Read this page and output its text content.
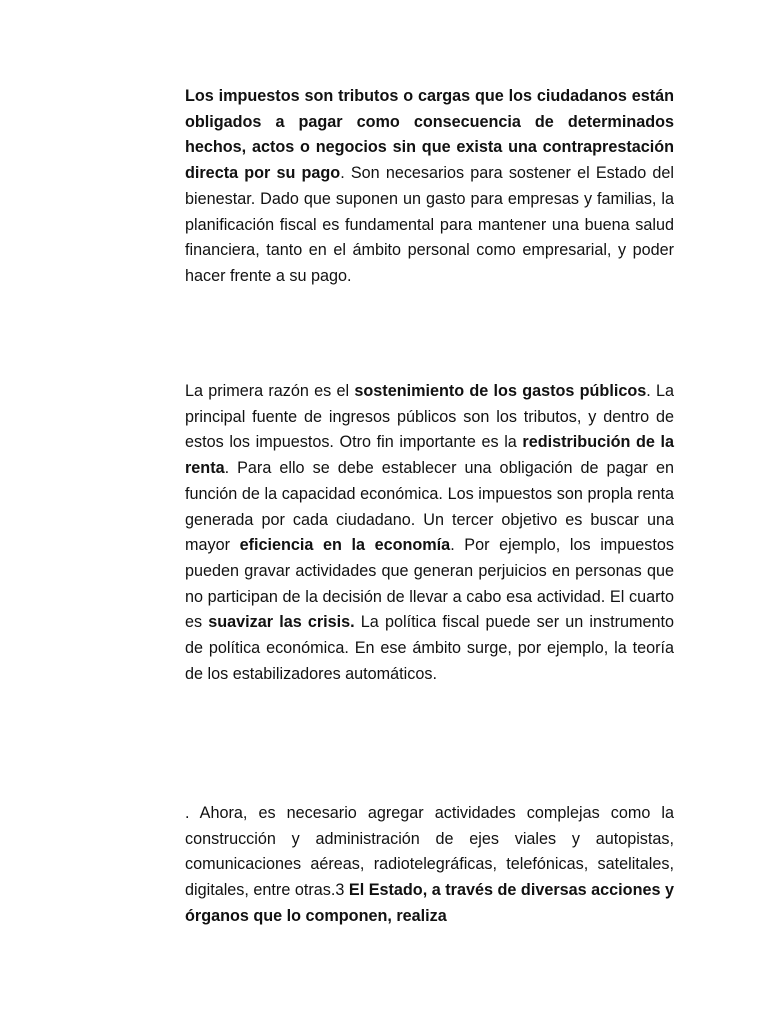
Los impuestos son tributos o cargas que los ciudadanos están obligados a pagar como consecuencia de determinados hechos, actos o negocios sin que exista una contraprestación directa por su pago. Son necesarios para sostener el Estado del bienestar. Dado que suponen un gasto para empresas y familias, la planificación fiscal es fundamental para mantener una buena salud financiera, tanto en el ámbito personal como empresarial, y poder hacer frente a su pago.

La primera razón es el sostenimiento de los gastos públicos. La principal fuente de ingresos públicos son los tributos, y dentro de estos los impuestos. Otro fin importante es la redistribución de la renta. Para ello se debe establecer una obligación de pagar en función de la capacidad económica. Los impuestos son propla renta generada por cada ciudadano. Un tercer objetivo es buscar una mayor eficiencia en la economía. Por ejemplo, los impuestos pueden gravar actividades que generan perjuicios en personas que no participan de la decisión de llevar a cabo esa actividad. El cuarto es suavizar las crisis. La política fiscal puede ser un instrumento de política económica. En ese ámbito surge, por ejemplo, la teoría de los estabilizadores automáticos.

. Ahora, es necesario agregar actividades complejas como la construcción y administración de ejes viales y autopistas, comunicaciones aéreas, radiotelegráficas, telefónicas, satelitales, digitales, entre otras.3 El Estado, a través de diversas acciones y órganos que lo componen, realiza
